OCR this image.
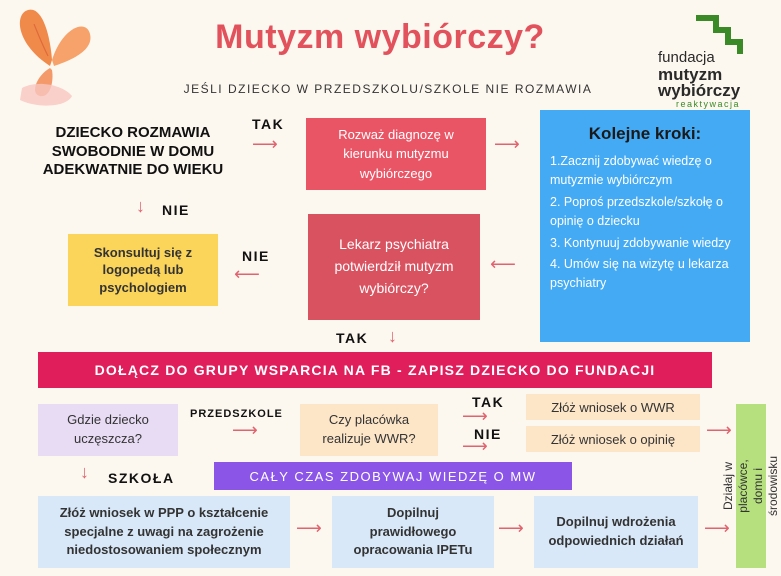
Mutyzm wybiórczy?
JEŚLI DZIECKO W PRZEDSZKOLU/SZKOLE NIE ROZMAWIA
fundacja
mutyzm
wybiórczy
reaktywacja
DZIECKO ROZMAWIA SWOBODNIE W DOMU ADEKWATNIE DO WIEKU
TAK
⟶	Rozważ diagnozę w kierunku mutyzmu wybiórczego
⟶
Kolejne kroki:
1.Zacznij zdobywać wiedzę o mutyzmie wybiórczym
2. Poproś przedszkole/szkołę o opinię o dziecku
3. Kontynuuj zdobywanie wiedzy
4. Umów się na wizytę u lekarza psychiatry
↓ NIE
Skonsultuj się z logopedą lub psychologiem
NIE
⟵
Lekarz psychiatra potwierdził mutyzm wybiórczy?
⟵
TAK ↓
DOŁĄCZ DO GRUPY WSPARCIA NA FB - ZAPISZ DZIECKO DO FUNDACJI
Gdzie dziecko uczęszcza?
PRZEDSZKOLE
⟶
Czy placówka realizuje WWR?
TAK
⟶
NIE
⟶
Złóż wniosek o WWR
Złóż wniosek o opinię	⟶
↓ SZKOŁA	CAŁY CZAS ZDOBYWAJ WIEDZĘ O MW
Złóż wniosek w PPP o kształcenie specjalne z uwagi na zagrożenie niedostosowaniem społecznym
⟶
Dopilnuj prawidłowego opracowania IPETu
⟶	Dopilnuj wdrożenia odpowiednich działań
⟶
Działaj w placówce, domu i środowisku
